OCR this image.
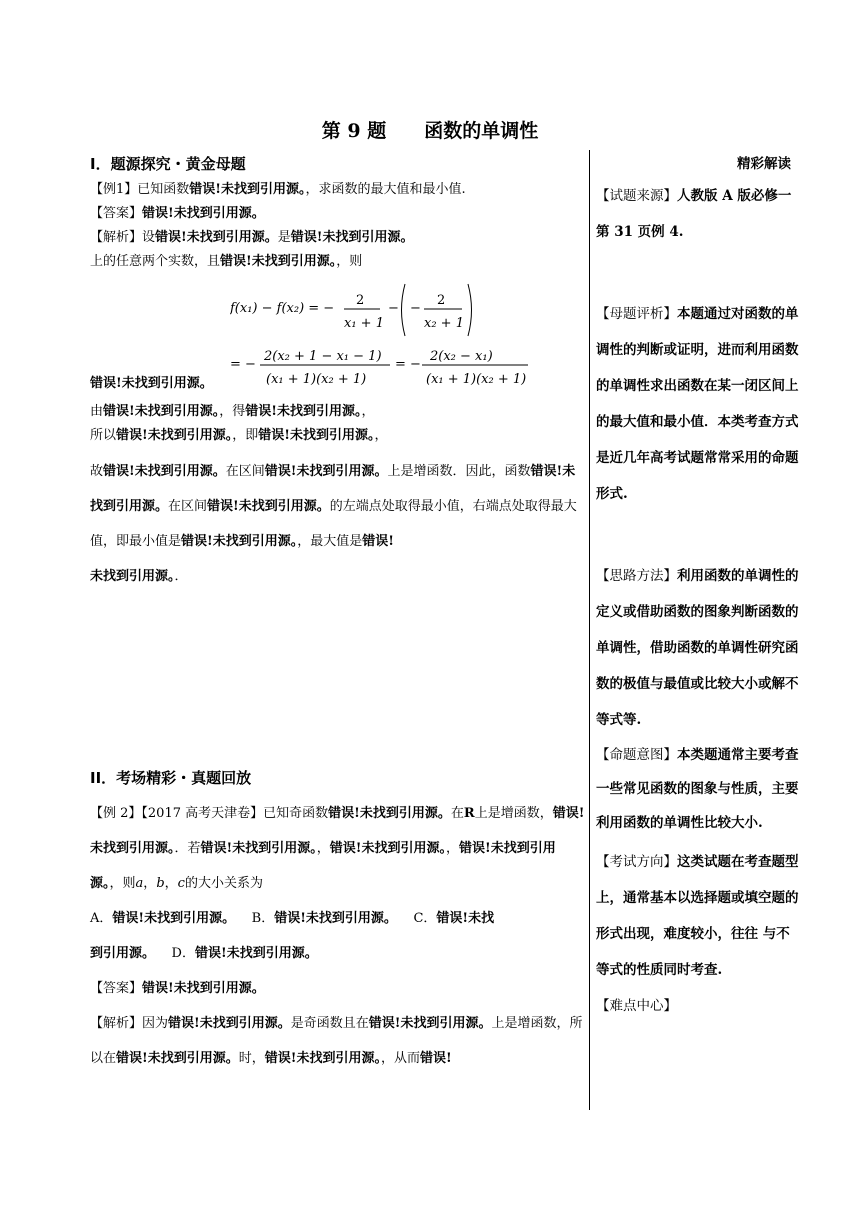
第 9 题 函数的单调性

I．题源探究・黄金母题

【例1】已知函数错误!未找到引用源。，求函数的最大值和最小值.

【答案】错误!未找到引用源。

【解析】设错误!未找到引用源。是错误!未找到引用源。

上的任意两个实数，且错误!未找到引用源。，则

f(x₁) − f(x₂) = −
2
x₁ + 1
− −
2
x₂ + 1
= −
2(x₂ + 1 − x₁ − 1)
(x₁ + 1)(x₂ + 1)
= −
2(x₂ − x₁)
(x₁ + 1)(x₂ + 1)

错误!未找到引用源。

由错误!未找到引用源。，得错误!未找到引用源。，

所以错误!未找到引用源。，即错误!未找到引用源。，

故错误!未找到引用源。在区间错误!未找到引用源。上是增函数．因此，函数错误!未找到引用源。在区间错误!未找到引用源。的左端点处取得最小值，右端点处取得最大值，即最小值是错误!未找到引用源。，最大值是错误!
未找到引用源。．

II．考场精彩・真题回放

【例 2】【2017 高考天津卷】已知奇函数错误!未找到引用源。在R上是增函数，错误!未找到引用源。．若错误!未找到引用源。，错误!未找到引用源。，错误!未找到引用源。，则a，b，c的大小关系为

A．错误!未找到引用源。 B．错误!未找到引用源。 C．错误!未找
到引用源。 D．错误!未找到引用源。

【答案】错误!未找到引用源。

【解析】因为错误!未找到引用源。是奇函数且在错误!未找到引用源。上是增函数，所以在错误!未找到引用源。时，错误!未找到引用源。，从而错误!

精彩解读

【试题来源】人教版 A 版必修一第 31 页例 4.

【母题评析】本题通过对函数的单调性的判断或证明，进而利用函数的单调性求出函数在某一闭区间上的最大值和最小值．本类考查方式是近几年高考试题常常采用的命题形式.

【思路方法】利用函数的单调性的定义或借助函数的图象判断函数的单调性，借助函数的单调性研究函数的极值与最值或比较大小或解不等式等.

【命题意图】本类题通常主要考查一些常见函数的图象与性质，主要利用函数的单调性比较大小.

【考试方向】这类试题在考查题型上，通常基本以选择题或填空题的形式出现，难度较小，往往 与不等式的性质同时考查.

【难点中心】
